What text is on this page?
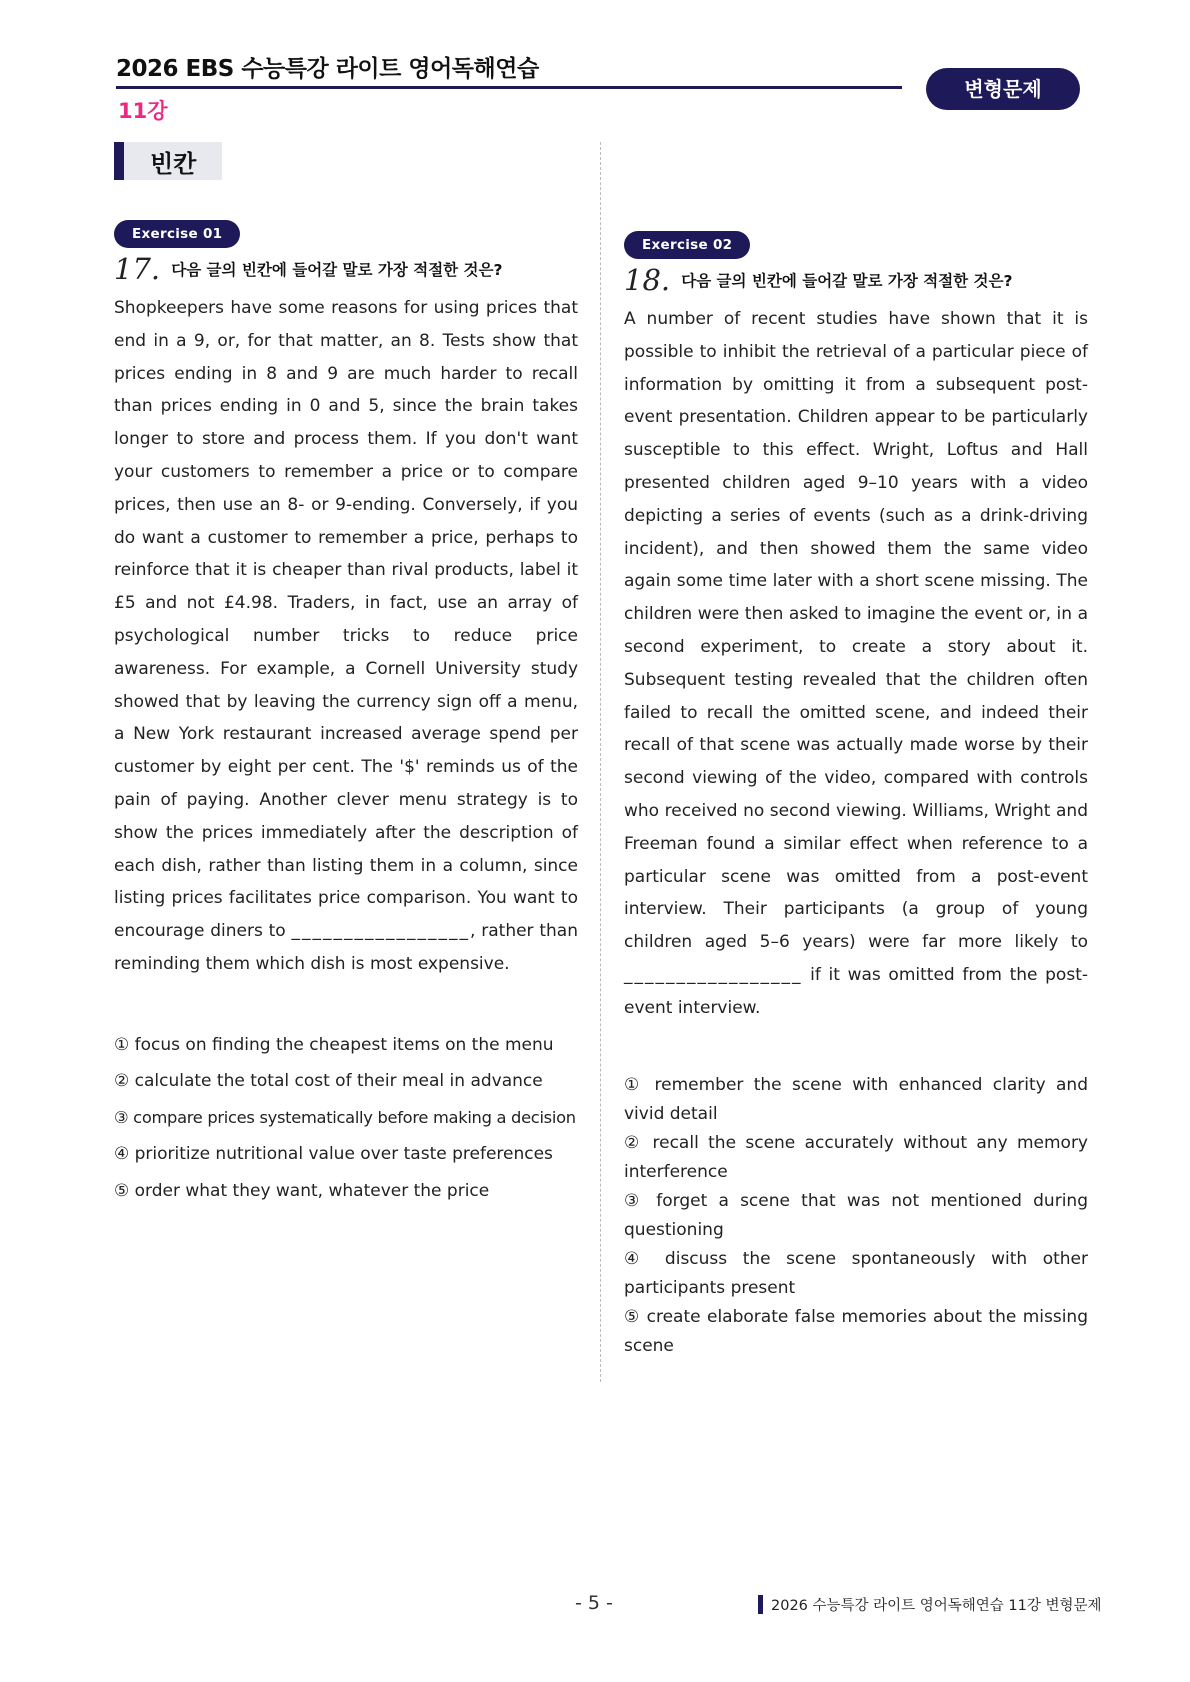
2026 EBS 수능특강 라이트 영어독해연습
변형문제
11강
빈칸
Exercise 01
17. 다음 글의 빈칸에 들어갈 말로 가장 적절한 것은?
Shopkeepers have some reasons for using prices that end in a 9, or, for that matter, an 8. Tests show that prices ending in 8 and 9 are much harder to recall than prices ending in 0 and 5, since the brain takes longer to store and process them. If you don't want your customers to remember a price or to compare prices, then use an 8- or 9-ending. Conversely, if you do want a customer to remember a price, perhaps to reinforce that it is cheaper than rival products, label it £5 and not £4.98. Traders, in fact, use an array of psychological number tricks to reduce price awareness. For example, a Cornell University study showed that by leaving the currency sign off a menu, a New York restaurant increased average spend per customer by eight per cent. The '$' reminds us of the pain of paying. Another clever menu strategy is to show the prices immediately after the description of each dish, rather than listing them in a column, since listing prices facilitates price comparison. You want to encourage diners to _________________, rather than reminding them which dish is most expensive.
① focus on finding the cheapest items on the menu
② calculate the total cost of their meal in advance
③ compare prices systematically before making a decision
④ prioritize nutritional value over taste preferences
⑤ order what they want, whatever the price
Exercise 02
18. 다음 글의 빈칸에 들어갈 말로 가장 적절한 것은?
A number of recent studies have shown that it is possible to inhibit the retrieval of a particular piece of information by omitting it from a subsequent post-event presentation. Children appear to be particularly susceptible to this effect. Wright, Loftus and Hall presented children aged 9–10 years with a video depicting a series of events (such as a drink-driving incident), and then showed them the same video again some time later with a short scene missing. The children were then asked to imagine the event or, in a second experiment, to create a story about it. Subsequent testing revealed that the children often failed to recall the omitted scene, and indeed their recall of that scene was actually made worse by their second viewing of the video, compared with controls who received no second viewing. Williams, Wright and Freeman found a similar effect when reference to a particular scene was omitted from a post-event interview. Their participants (a group of young children aged 5–6 years) were far more likely to _________________ if it was omitted from the post-event interview.
① remember the scene with enhanced clarity and vivid detail
② recall the scene accurately without any memory interference
③ forget a scene that was not mentioned during questioning
④ discuss the scene spontaneously with other participants present
⑤ create elaborate false memories about the missing scene
- 5 -	2026 수능특강 라이트 영어독해연습 11강 변형문제
